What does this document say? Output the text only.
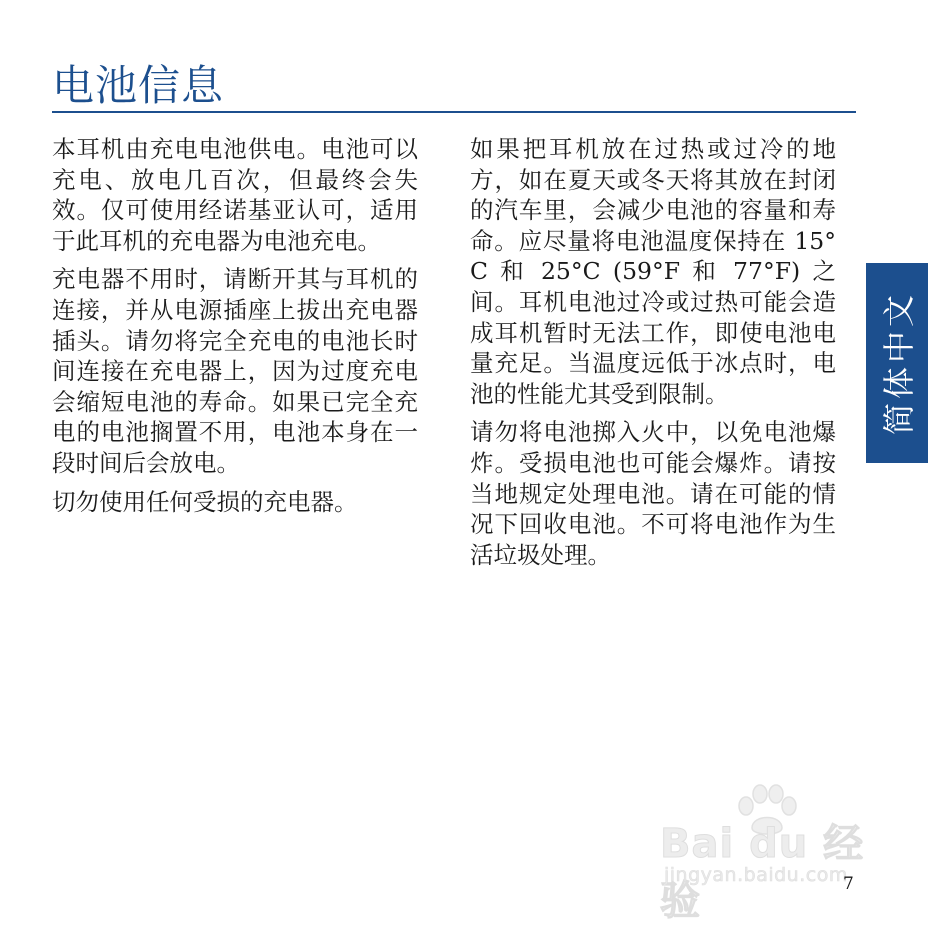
电池信息

本耳机由充电电池供电。电池可以充电、放电几百次，但最终会失效。仅可使用经诺基亚认可，适用于此耳机的充电器为电池充电。

充电器不用时，请断开其与耳机的连接，并从电源插座上拔出充电器插头。请勿将完全充电的电池长时间连接在充电器上，因为过度充电会缩短电池的寿命。如果已完全充电的电池搁置不用，电池本身在一段时间后会放电。

切勿使用任何受损的充电器。

如果把耳机放在过热或过冷的地方，如在夏天或冬天将其放在封闭的汽车里，会减少电池的容量和寿命。应尽量将电池温度保持在 15°C 和 25°C (59°F 和 77°F) 之间。耳机电池过冷或过热可能会造成耳机暂时无法工作，即使电池电量充足。当温度远低于冰点时，电池的性能尤其受到限制。

请勿将电池掷入火中，以免电池爆炸。受损电池也可能会爆炸。请按当地规定处理电池。请在可能的情况下回收电池。不可将电池作为生活垃圾处理。

简体中文
Bai du 经验
jingyan.baidu.com
7
